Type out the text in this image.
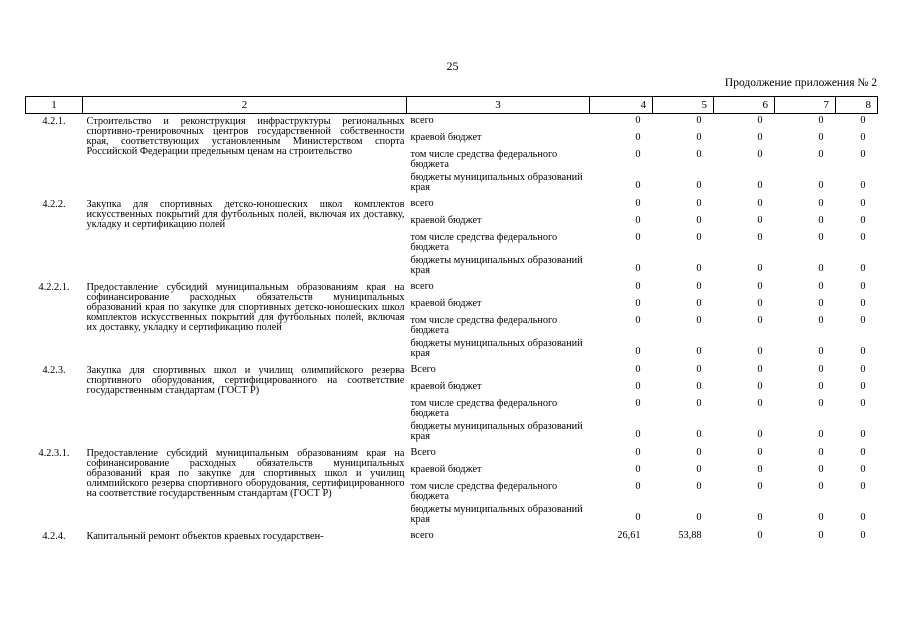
25
Продолжение приложения № 2
1	2	3	4	5	6	7	8
4.2.1.	Строительство и реконструкция инфраструктуры региональных спортивно-тренировочных центров государственной собственности края, соответствующих установленным Министерством спорта Российской Федерации предельным ценам на строительство	всего	0	0	0	0	0
		краевой бюджет	0	0	0	0	0
		том числе средства федерального бюджета	0	0	0	0	0
		бюджеты муниципальных образований края	0	0	0	0	0
4.2.2.	Закупка для спортивных детско-юношеских школ комплектов искусственных покрытий для футбольных полей, включая их доставку, укладку и сертификацию полей	всего	0	0	0	0	0
		краевой бюджет	0	0	0	0	0
		том числе средства федерального бюджета	0	0	0	0	0
		бюджеты муниципальных образований края	0	0	0	0	0
4.2.2.1.	Предоставление субсидий муниципальным образованиям края на софинансирование расходных обязательств муниципальных образований края по закупке для спортивных детско-юношеских школ комплектов искусственных покрытий для футбольных полей, включая их доставку, укладку и сертификацию полей	всего	0	0	0	0	0
		краевой бюджет	0	0	0	0	0
		том числе средства федерального бюджета	0	0	0	0	0
		бюджеты муниципальных образований края	0	0	0	0	0
4.2.3.	Закупка для спортивных школ и училищ олимпийского резерва спортивного оборудования, сертифицированного на соответствие государственным стандартам (ГОСТ Р)	Всего	0	0	0	0	0
		краевой бюджет	0	0	0	0	0
		том числе средства федерального бюджета	0	0	0	0	0
		бюджеты муниципальных образований края	0	0	0	0	0
4.2.3.1.	Предоставление субсидий муниципальным образованиям края на софинансирование расходных обязательств муниципальных образований края по закупке для спортивных школ и училищ олимпийского резерва спортивного оборудования, сертифицированного на соответствие государственным стандартам (ГОСТ Р)	Всего	0	0	0	0	0
		краевой бюджет	0	0	0	0	0
		том числе средства федерального бюджета	0	0	0	0	0
		бюджеты муниципальных образований края	0	0	0	0	0
4.2.4.	Капитальный ремонт объектов краевых государствен-	всего	26,61	53,88	0	0	0
